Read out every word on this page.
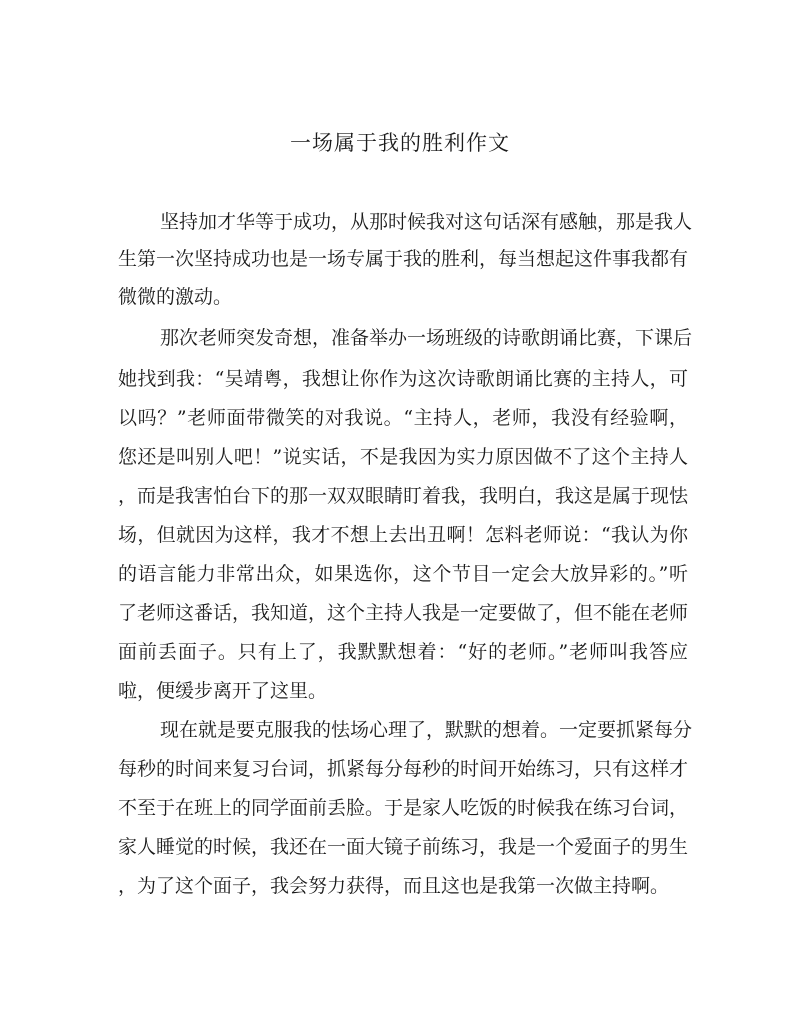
一场属于我的胜利作文
坚持加才华等于成功，从那时候我对这句话深有感触，那是我人
生第一次坚持成功也是一场专属于我的胜利，每当想起这件事我都有
微微的激动。
那次老师突发奇想，准备举办一场班级的诗歌朗诵比赛，下课后
她找到我：“吴靖粤，我想让你作为这次诗歌朗诵比赛的主持人，可
以吗？”老师面带微笑的对我说。“主持人，老师，我没有经验啊，
您还是叫别人吧！”说实话，不是我因为实力原因做不了这个主持人
，而是我害怕台下的那一双双眼睛盯着我，我明白，我这是属于现怯
场，但就因为这样，我才不想上去出丑啊！怎料老师说：“我认为你
的语言能力非常出众，如果选你，这个节目一定会大放异彩的。”听
了老师这番话，我知道，这个主持人我是一定要做了，但不能在老师
面前丢面子。只有上了，我默默想着：“好的老师。”老师叫我答应
啦，便缓步离开了这里。
现在就是要克服我的怯场心理了，默默的想着。一定要抓紧每分
每秒的时间来复习台词，抓紧每分每秒的时间开始练习，只有这样才
不至于在班上的同学面前丢脸。于是家人吃饭的时候我在练习台词，
家人睡觉的时候，我还在一面大镜子前练习，我是一个爱面子的男生
，为了这个面子，我会努力获得，而且这也是我第一次做主持啊。
